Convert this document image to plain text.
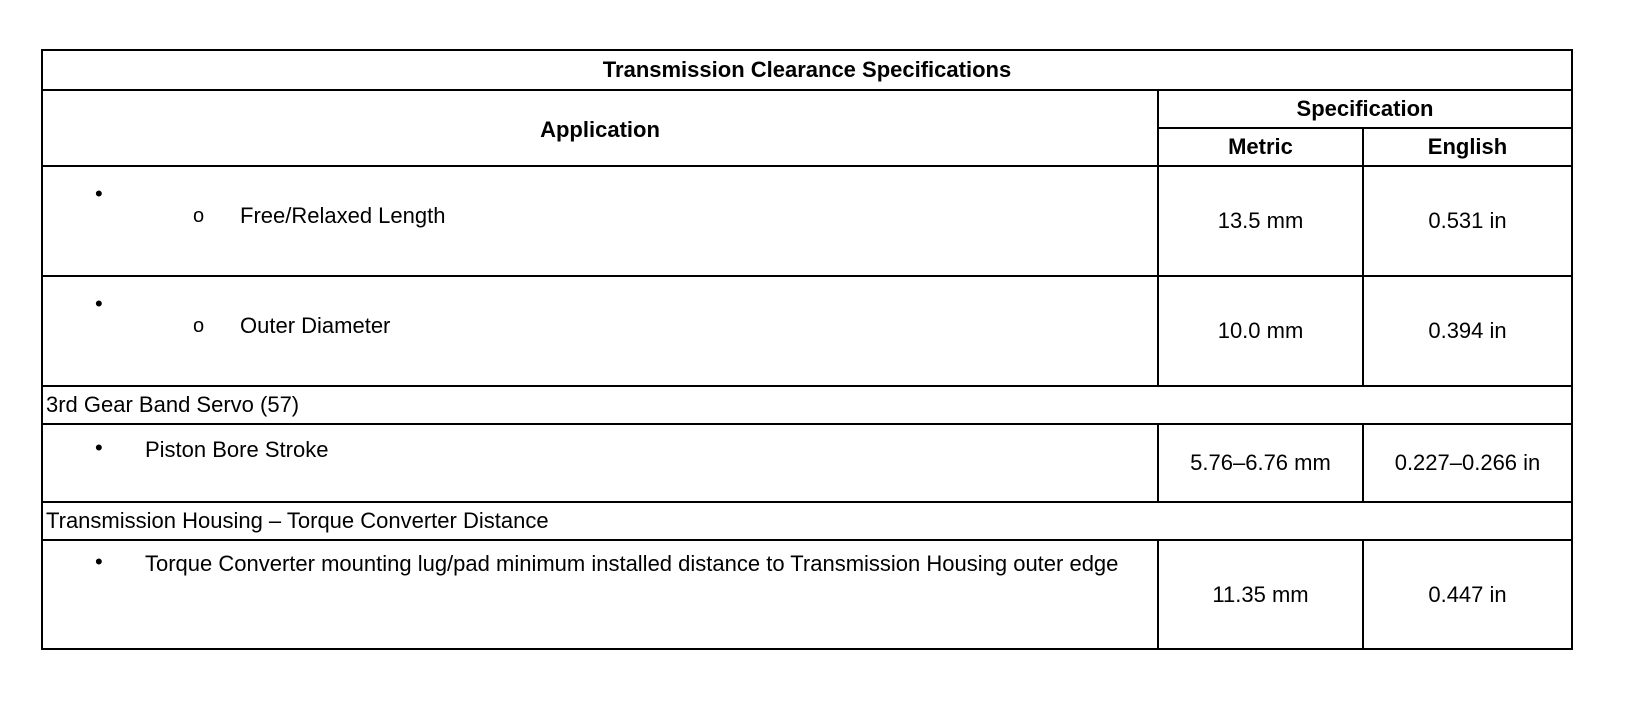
Transmission Clearance Specifications		
Application	Specification	
	Metric	English

•
o Free/Relaxed Length	13.5 mm	0.531 in

•
o Outer Diameter	10.0 mm	0.394 in
3rd Gear Band Servo (57)		

• Piston Bore Stroke	5.76–6.76 mm	0.227–0.266 in
Transmission Housing – Torque Converter Distance		

• Torque Converter mounting lug/pad minimum installed distance to Transmission Housing outer edge	11.35 mm	0.447 in
